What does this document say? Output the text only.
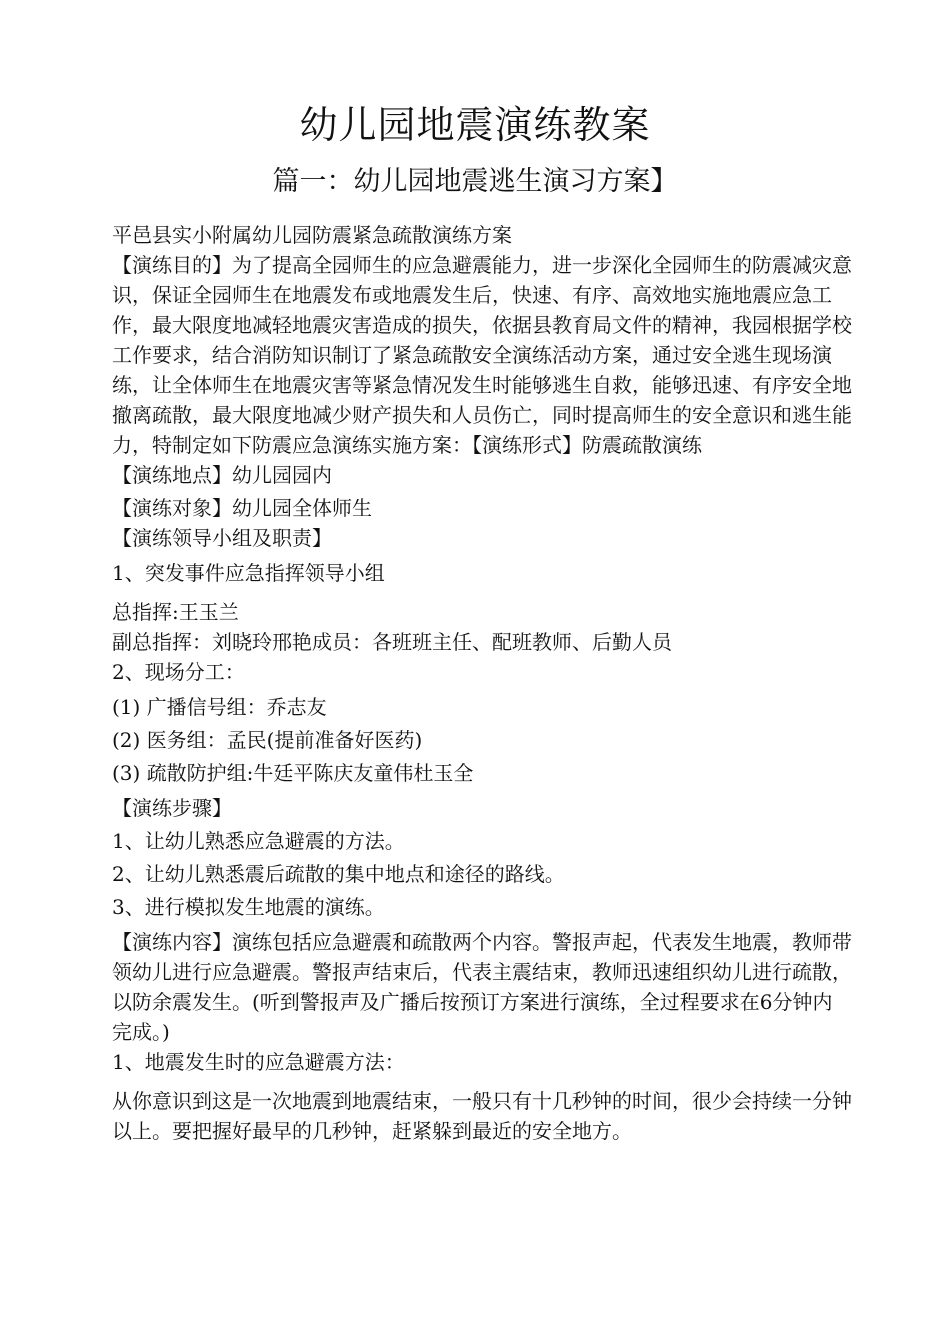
幼儿园地震演练教案
篇一：幼儿园地震逃生演习方案】

平邑县实小附属幼儿园防震紧急疏散演练方案

【演练目的】为了提高全园师生的应急避震能力，进一步深化全园师生的防震减灾意识，保证全园师生在地震发布或地震发生后，快速、有序、高效地实施地震应急工作，最大限度地减轻地震灾害造成的损失，依据县教育局文件的精神，我园根据学校工作要求，结合消防知识制订了紧急疏散安全演练活动方案，通过安全逃生现场演练，让全体师生在地震灾害等紧急情况发生时能够逃生自救，能够迅速、有序安全地撤离疏散，最大限度地减少财产损失和人员伤亡，同时提高师生的安全意识和逃生能力，特制定如下防震应急演练实施方案：【演练形式】防震疏散演练

【演练地点】幼儿园园内

【演练对象】幼儿园全体师生

【演练领导小组及职责】

1、突发事件应急指挥领导小组

总指挥:王玉兰

副总指挥：刘晓玲邢艳成员：各班班主任、配班教师、后勤人员

2、现场分工：

(1) 广播信号组：乔志友

(2) 医务组：孟民(提前准备好医药)

(3) 疏散防护组:牛廷平陈庆友童伟杜玉全

【演练步骤】

1、让幼儿熟悉应急避震的方法。

2、让幼儿熟悉震后疏散的集中地点和途径的路线。

3、进行模拟发生地震的演练。

【演练内容】演练包括应急避震和疏散两个内容。警报声起，代表发生地震，教师带领幼儿进行应急避震。警报声结束后，代表主震结束，教师迅速组织幼儿进行疏散，以防余震发生。(听到警报声及广播后按预订方案进行演练，全过程要求在6分钟内完成。)

1、地震发生时的应急避震方法：

从你意识到这是一次地震到地震结束，一般只有十几秒钟的时间，很少会持续一分钟以上。要把握好最早的几秒钟，赶紧躲到最近的安全地方。
